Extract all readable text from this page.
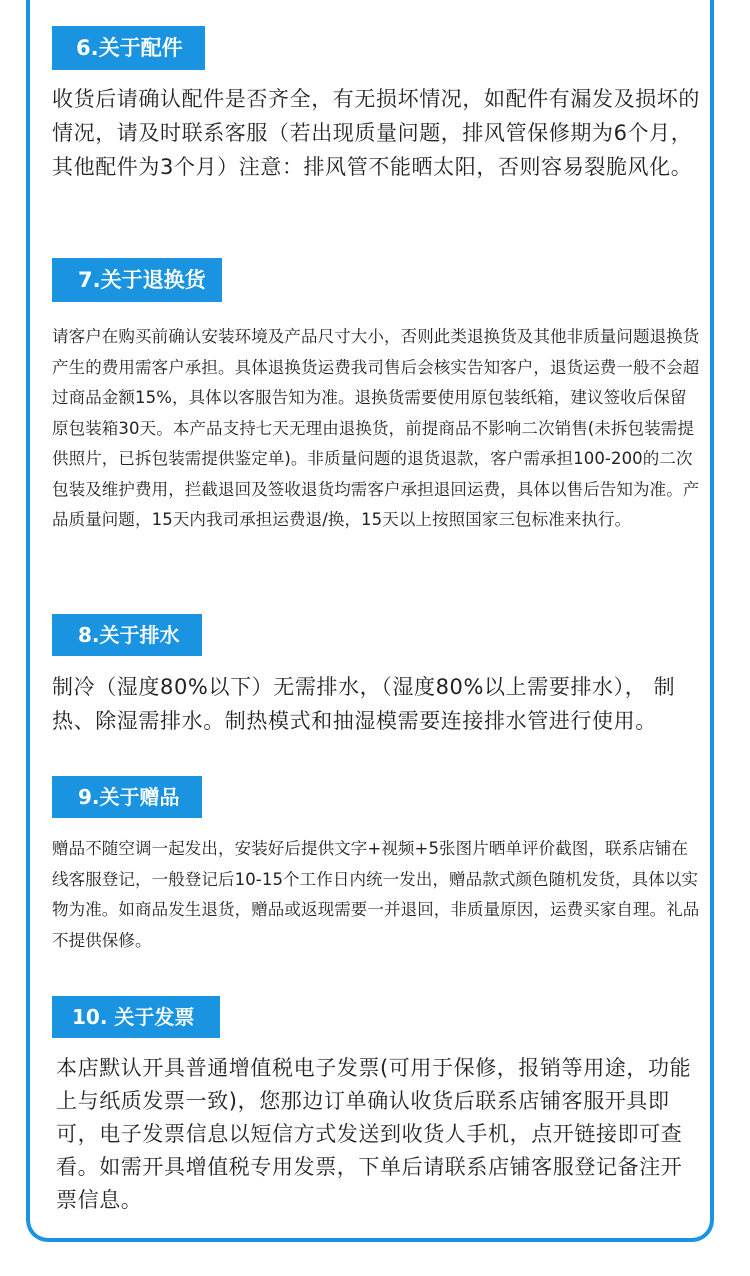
6.关于配件

收货后请确认配件是否齐全，有无损坏情况，如配件有漏发及损坏的情况，请及时联系客服（若出现质量问题，排风管保修期为6个月，其他配件为3个月）注意：排风管不能晒太阳，否则容易裂脆风化。

7.关于退换货

请客户在购买前确认安装环境及产品尺寸大小，否则此类退换货及其他非质量问题退换货产生的费用需客户承担。具体退换货运费我司售后会核实告知客户，退货运费一般不会超过商品金额15%，具体以客服告知为准。退换货需要使用原包装纸箱，建议签收后保留原包装箱30天。本产品支持七天无理由退换货，前提商品不影响二次销售(未拆包装需提供照片，已拆包装需提供鉴定单)。非质量问题的退货退款，客户需承担100-200的二次包装及维护费用，拦截退回及签收退货均需客户承担退回运费，具体以售后告知为准。产品质量问题，15天内我司承担运费退/换，15天以上按照国家三包标准来执行。

8.关于排水

制冷（湿度80%以下）无需排水，（湿度80%以上需要排水）， 制热、除湿需排水。制热模式和抽湿模需要连接排水管进行使用。

9.关于赠品

赠品不随空调一起发出，安装好后提供文字+视频+5张图片晒单评价截图，联系店铺在线客服登记，一般登记后10-15个工作日内统一发出，赠品款式颜色随机发货，具体以实物为准。如商品发生退货，赠品或返现需要一并退回，非质量原因，运费买家自理。礼品不提供保修。

10. 关于发票

本店默认开具普通增值税电子发票(可用于保修，报销等用途，功能上与纸质发票一致)，您那边订单确认收货后联系店铺客服开具即可，电子发票信息以短信方式发送到收货人手机，点开链接即可查看。如需开具增值税专用发票，下单后请联系店铺客服登记备注开票信息。
